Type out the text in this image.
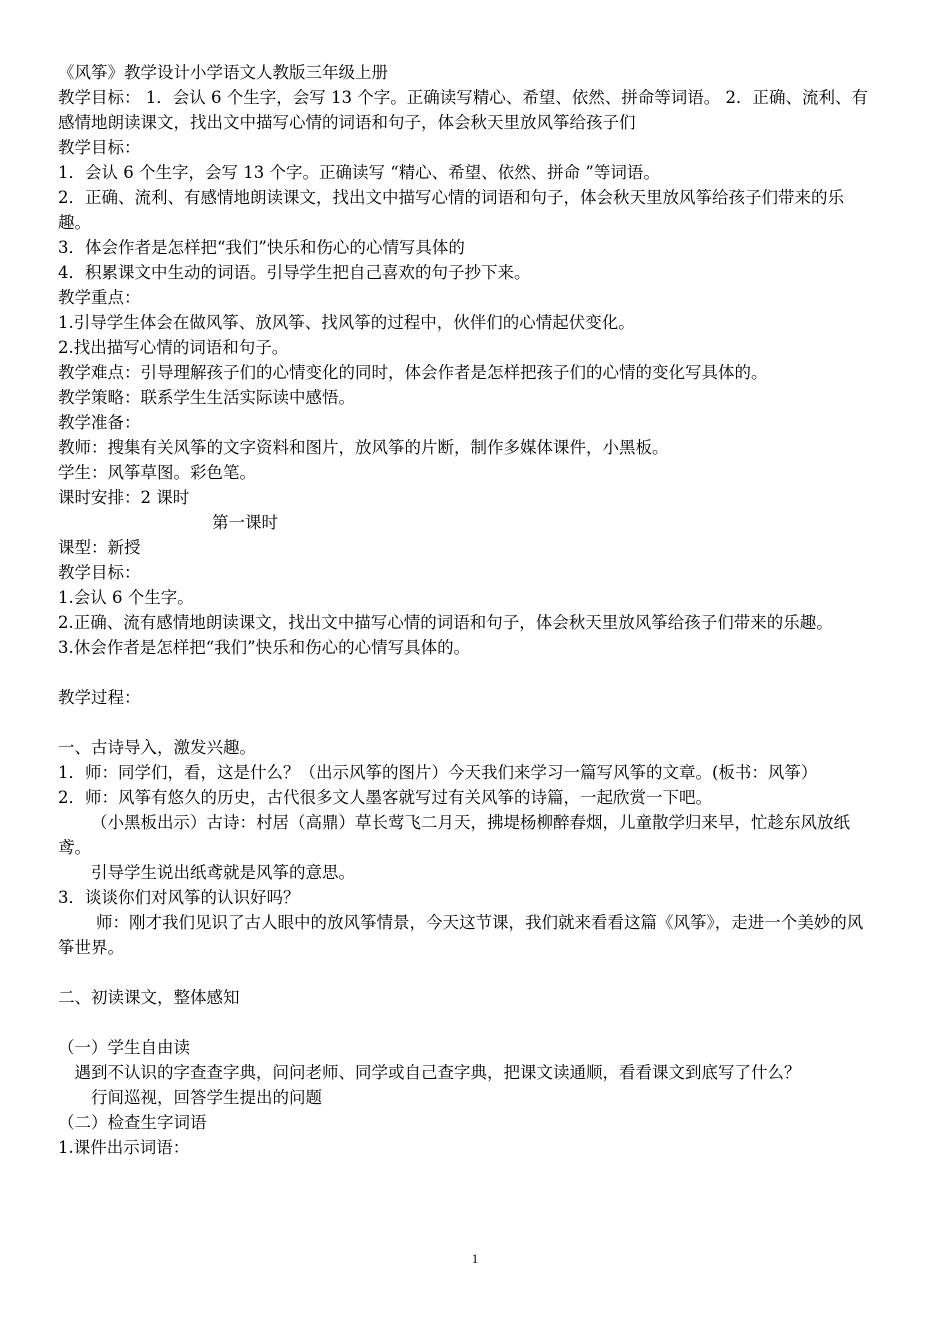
《风筝》教学设计小学语文人教版三年级上册

教学目标： 1．会认 6 个生字，会写 13 个字。正确读写精心、希望、依然、拼命等词语。 2．正确、流利、有感情地朗读课文，找出文中描写心情的词语和句子，体会秋天里放风筝给孩子们

教学目标：

1．会认 6 个生字，会写 13 个字。正确读写 “精心、希望、依然、拼命 ”等词语。

2．正确、流利、有感情地朗读课文，找出文中描写心情的词语和句子，体会秋天里放风筝给孩子们带来的乐趣。

3．体会作者是怎样把“我们”快乐和伤心的心情写具体的

4．积累课文中生动的词语。引导学生把自己喜欢的句子抄下来。

教学重点：

1.引导学生体会在做风筝、放风筝、找风筝的过程中，伙伴们的心情起伏变化。

2.找出描写心情的词语和句子。

教学难点：引导理解孩子们的心情变化的同时，体会作者是怎样把孩子们的心情的变化写具体的。

教学策略：联系学生生活实际读中感悟。

教学准备：

教师：搜集有关风筝的文字资料和图片，放风筝的片断，制作多媒体课件，小黑板。

学生：风筝草图。彩色笔。

课时安排：2 课时

第一课时

课型：新授

教学目标：

1.会认 6 个生字。

2.正确、流有感情地朗读课文，找出文中描写心情的词语和句子，体会秋天里放风筝给孩子们带来的乐趣。

3.休会作者是怎样把“我们”快乐和伤心的心情写具体的。

教学过程：

一、古诗导入，激发兴趣。

1．师：同学们，看，这是什么？（出示风筝的图片）今天我们来学习一篇写风筝的文章。(板书：风筝）

2．师：风筝有悠久的历史，古代很多文人墨客就写过有关风筝的诗篇，一起欣赏一下吧。

（小黑板出示）古诗：村居（高鼎）草长莺飞二月天，拂堤杨柳醉春烟，儿童散学归来早，忙趁东风放纸鸢。

引导学生说出纸鸢就是风筝的意思。

3．谈谈你们对风筝的认识好吗？

师：刚才我们见识了古人眼中的放风筝情景，今天这节课，我们就来看看这篇《风筝》，走进一个美妙的风筝世界。

二、初读课文，整体感知

（一）学生自由读

遇到不认识的字查查字典，问问老师、同学或自己查字典，把课文读通顺，看看课文到底写了什么？

行间巡视，回答学生提出的问题

（二）检查生字词语

1.课件出示词语：

1
